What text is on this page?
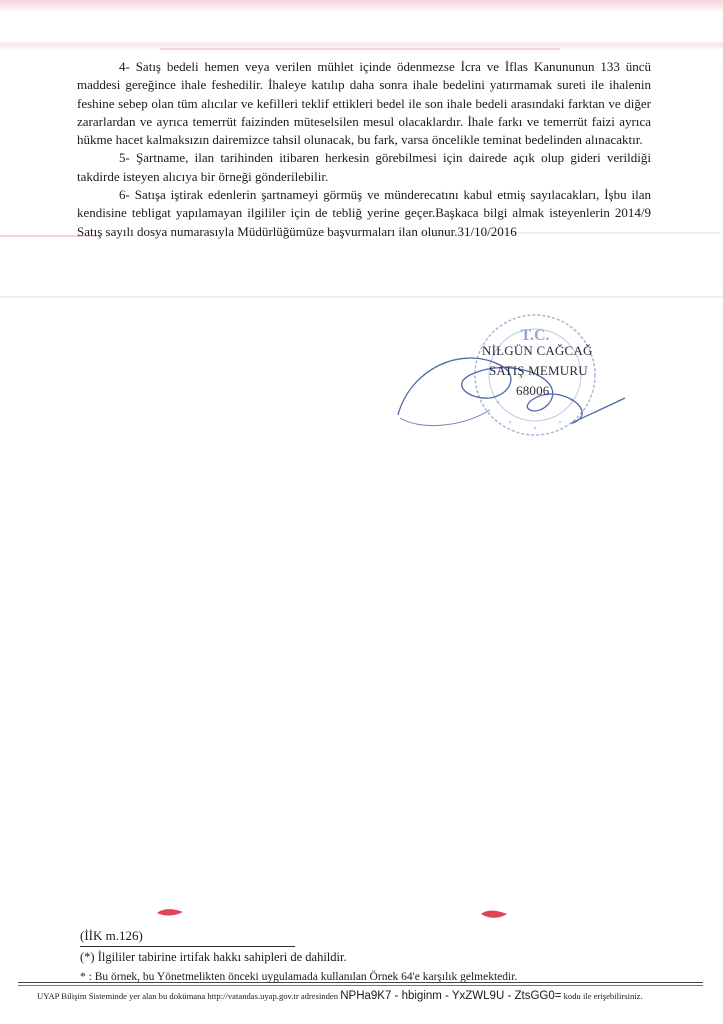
4- Satış bedeli hemen veya verilen mühlet içinde ödenmezse İcra ve İflas Kanununun 133 üncü maddesi gereğince ihale feshedilir. İhaleye katılıp daha sonra ihale bedelini yatırmamak sureti ile ihalenin feshine sebep olan tüm alıcılar ve kefilleri teklif ettikleri bedel ile son ihale bedeli arasındaki farktan ve diğer zararlardan ve ayrıca temerrüt faizinden müteselsilen mesul olacaklardır. İhale farkı ve temerrüt faizi ayrıca hükme hacet kalmaksızın dairemizce tahsil olunacak, bu fark, varsa öncelikle teminat bedelinden alınacaktır.

5- Şartname, ilan tarihinden itibaren herkesin görebilmesi için dairede açık olup gideri verildiği takdirde isteyen alıcıya bir örneği gönderilebilir.

6- Satışa iştirak edenlerin şartnameyi görmüş ve münderecatını kabul etmiş sayılacakları, İşbu ilan kendisine tebligat yapılamayan ilgililer için de tebliğ yerine geçer.Başkaca bilgi almak isteyenlerin 2014/9 Satış sayılı dosya numarasıyla Müdürlüğümüze başvurmaları ilan olunur.31/10/2016

T.C.
NİLGÜN CAĞCAĞ
SATIŞ MEMURU
68006
(İİK m.126)
(*) İlgililer tabirine irtifak hakkı sahipleri de dahildir.
* : Bu örnek, bu Yönetmelikten önceki uygulamada kullanılan Örnek 64'e karşılık gelmektedir.
UYAP Bilişim Sisteminde yer alan bu dokümana http://vatandas.uyap.gov.tr adresinden NPHa9K7 - hbiginm - YxZWL9U - ZtsGG0= kodu ile erişebilirsiniz.
